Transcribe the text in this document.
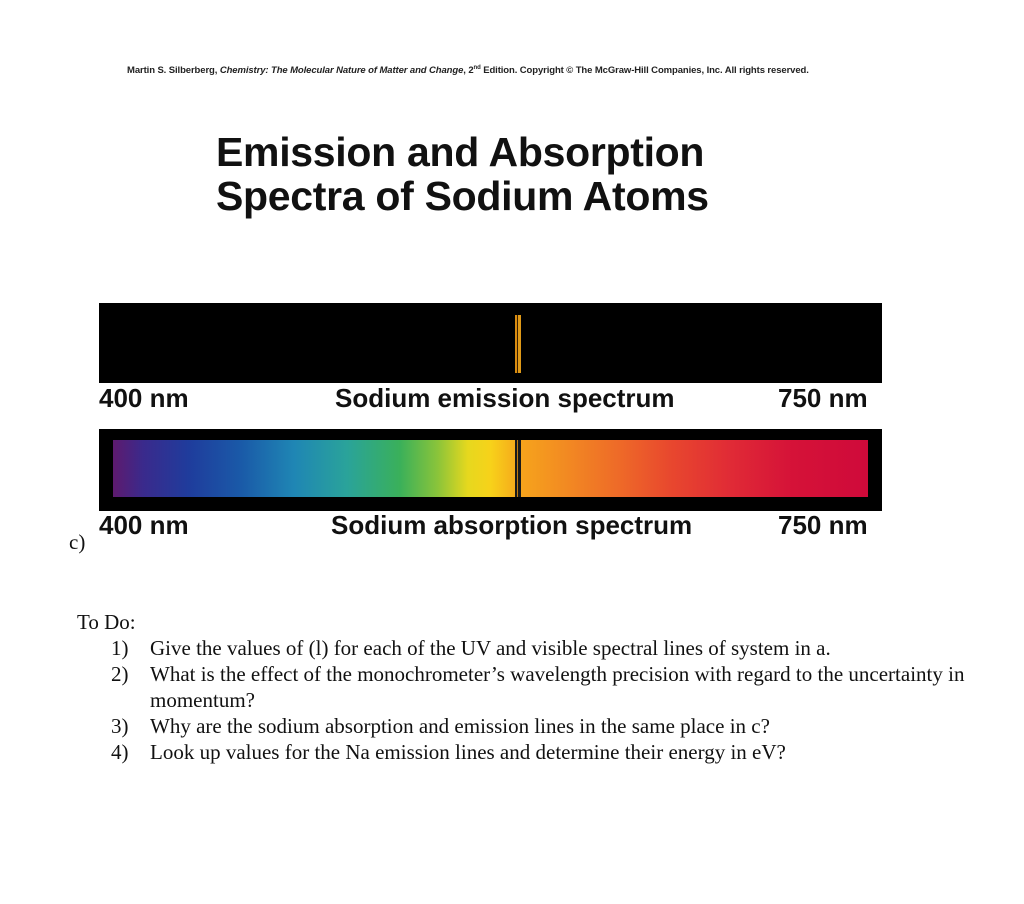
Martin S. Silberberg, Chemistry: The Molecular Nature of Matter and Change, 2nd Edition. Copyright © The McGraw-Hill Companies, Inc. All rights reserved.
Emission and Absorption
Spectra of Sodium Atoms
400 nm	Sodium emission spectrum	750 nm
400 nm	Sodium absorption spectrum	750 nm
c)

To Do:

1) Give the values of (l) for each of the UV and visible spectral lines of system in a.
2) What is the effect of the monochrometer’s wavelength precision with regard to the uncertainty in momentum?
3) Why are the sodium absorption and emission lines in the same place in c?
4) Look up values for the Na emission lines and determine their energy in eV?
